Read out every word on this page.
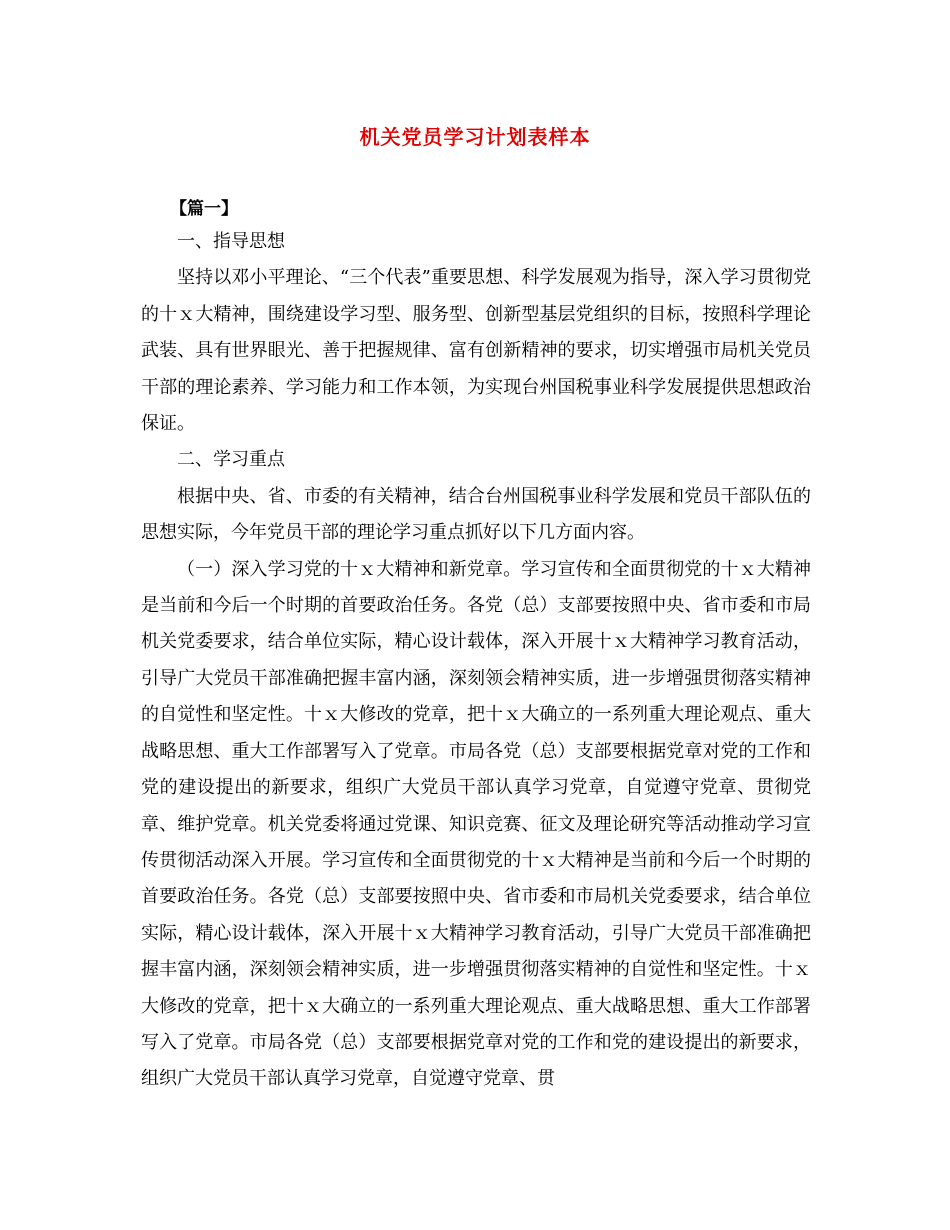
机关党员学习计划表样本
【篇一】

一、指导思想

坚持以邓小平理论、“三个代表”重要思想、科学发展观为指导，深入学习贯彻党的十ｘ大精神，围绕建设学习型、服务型、创新型基层党组织的目标，按照科学理论武装、具有世界眼光、善于把握规律、富有创新精神的要求，切实增强市局机关党员干部的理论素养、学习能力和工作本领，为实现台州国税事业科学发展提供思想政治保证。

二、学习重点

根据中央、省、市委的有关精神，结合台州国税事业科学发展和党员干部队伍的思想实际，今年党员干部的理论学习重点抓好以下几方面内容。

（一）深入学习党的十ｘ大精神和新党章。学习宣传和全面贯彻党的十ｘ大精神是当前和今后一个时期的首要政治任务。各党（总）支部要按照中央、省市委和市局机关党委要求，结合单位实际，精心设计载体，深入开展十ｘ大精神学习教育活动，引导广大党员干部准确把握丰富内涵，深刻领会精神实质，进一步增强贯彻落实精神的自觉性和坚定性。十ｘ大修改的党章，把十ｘ大确立的一系列重大理论观点、重大战略思想、重大工作部署写入了党章。市局各党（总）支部要根据党章对党的工作和党的建设提出的新要求，组织广大党员干部认真学习党章，自觉遵守党章、贯彻党章、维护党章。机关党委将通过党课、知识竞赛、征文及理论研究等活动推动学习宣传贯彻活动深入开展。学习宣传和全面贯彻党的十ｘ大精神是当前和今后一个时期的首要政治任务。各党（总）支部要按照中央、省市委和市局机关党委要求，结合单位实际，精心设计载体，深入开展十ｘ大精神学习教育活动，引导广大党员干部准确把握丰富内涵，深刻领会精神实质，进一步增强贯彻落实精神的自觉性和坚定性。十ｘ大修改的党章，把十ｘ大确立的一系列重大理论观点、重大战略思想、重大工作部署写入了党章。市局各党（总）支部要根据党章对党的工作和党的建设提出的新要求，组织广大党员干部认真学习党章，自觉遵守党章、贯
